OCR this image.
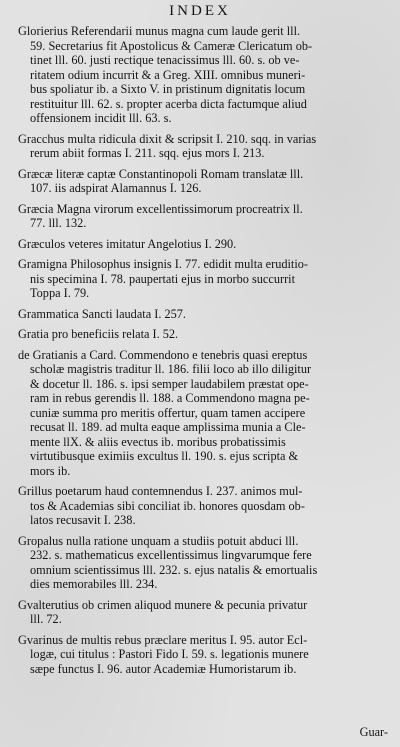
INDEX
Glorierius Referendarii munus magna cum laude gerit lll.
59. Secretarius fit Apostolicus & Cameræ Clericatum ob-
tinet lll. 60. justi rectique tenacissimus lll. 60. s. ob ve-
ritatem odium incurrit & a Greg. XIII. omnibus muneri-
bus spoliatur ib. a Sixto V. in pristinum dignitatis locum
restituitur lll. 62. s. propter acerba dicta factumque aliud
offensionem incidit lll. 63. s.
Gracchus multa ridicula dixit & scripsit I. 210. sqq. in varias
rerum abiit formas I. 211. sqq. ejus mors I. 213.
Græcæ literæ captæ Constantinopoli Romam translatæ lll.
107. iis adspirat Alamannus I. 126.
Græcia Magna virorum excellentissimorum procreatrix ll.
77. lll. 132.
Græculos veteres imitatur Angelotius I. 290.
Gramigna Philosophus insignis I. 77. edidit multa eruditio-
nis specimina I. 78. paupertati ejus in morbo succurrit
Toppa I. 79.
Grammatica Sancti laudata I. 257.
Gratia pro beneficiis relata I. 52.
de Gratianis a Card. Commendono e tenebris quasi ereptus
scholæ magistris traditur ll. 186. filii loco ab illo diligitur
& docetur ll. 186. s. ipsi semper laudabilem præstat ope-
ram in rebus gerendis ll. 188. a Commendono magna pe-
cuniæ summa pro meritis offertur, quam tamen accipere
recusat ll. 189. ad multa eaque amplissima munia a Cle-
mente llX. & aliis evectus ib. moribus probatissimis
virtutibusque eximiis excultus ll. 190. s. ejus scripta &
mors ib.
Grillus poetarum haud contemnendus I. 237. animos mul-
tos & Academias sibi conciliat ib. honores quosdam ob-
latos recusavit I. 238.
Gropalus nulla ratione unquam a studiis potuit abduci lll.
232. s. mathematicus excellentissimus lingvarumque fere
omnium scientissimus lll. 232. s. ejus natalis & emortualis
dies memorabiles lll. 234.
Gvalterutius ob crimen aliquod munere & pecunia privatur
lll. 72.
Gvarinus de multis rebus præclare meritus I. 95. autor Ecl-
logæ, cui titulus : Pastori Fido I. 59. s. legationis munere
sæpe functus I. 96. autor Academiæ Humoristarum ib.
Guar-
